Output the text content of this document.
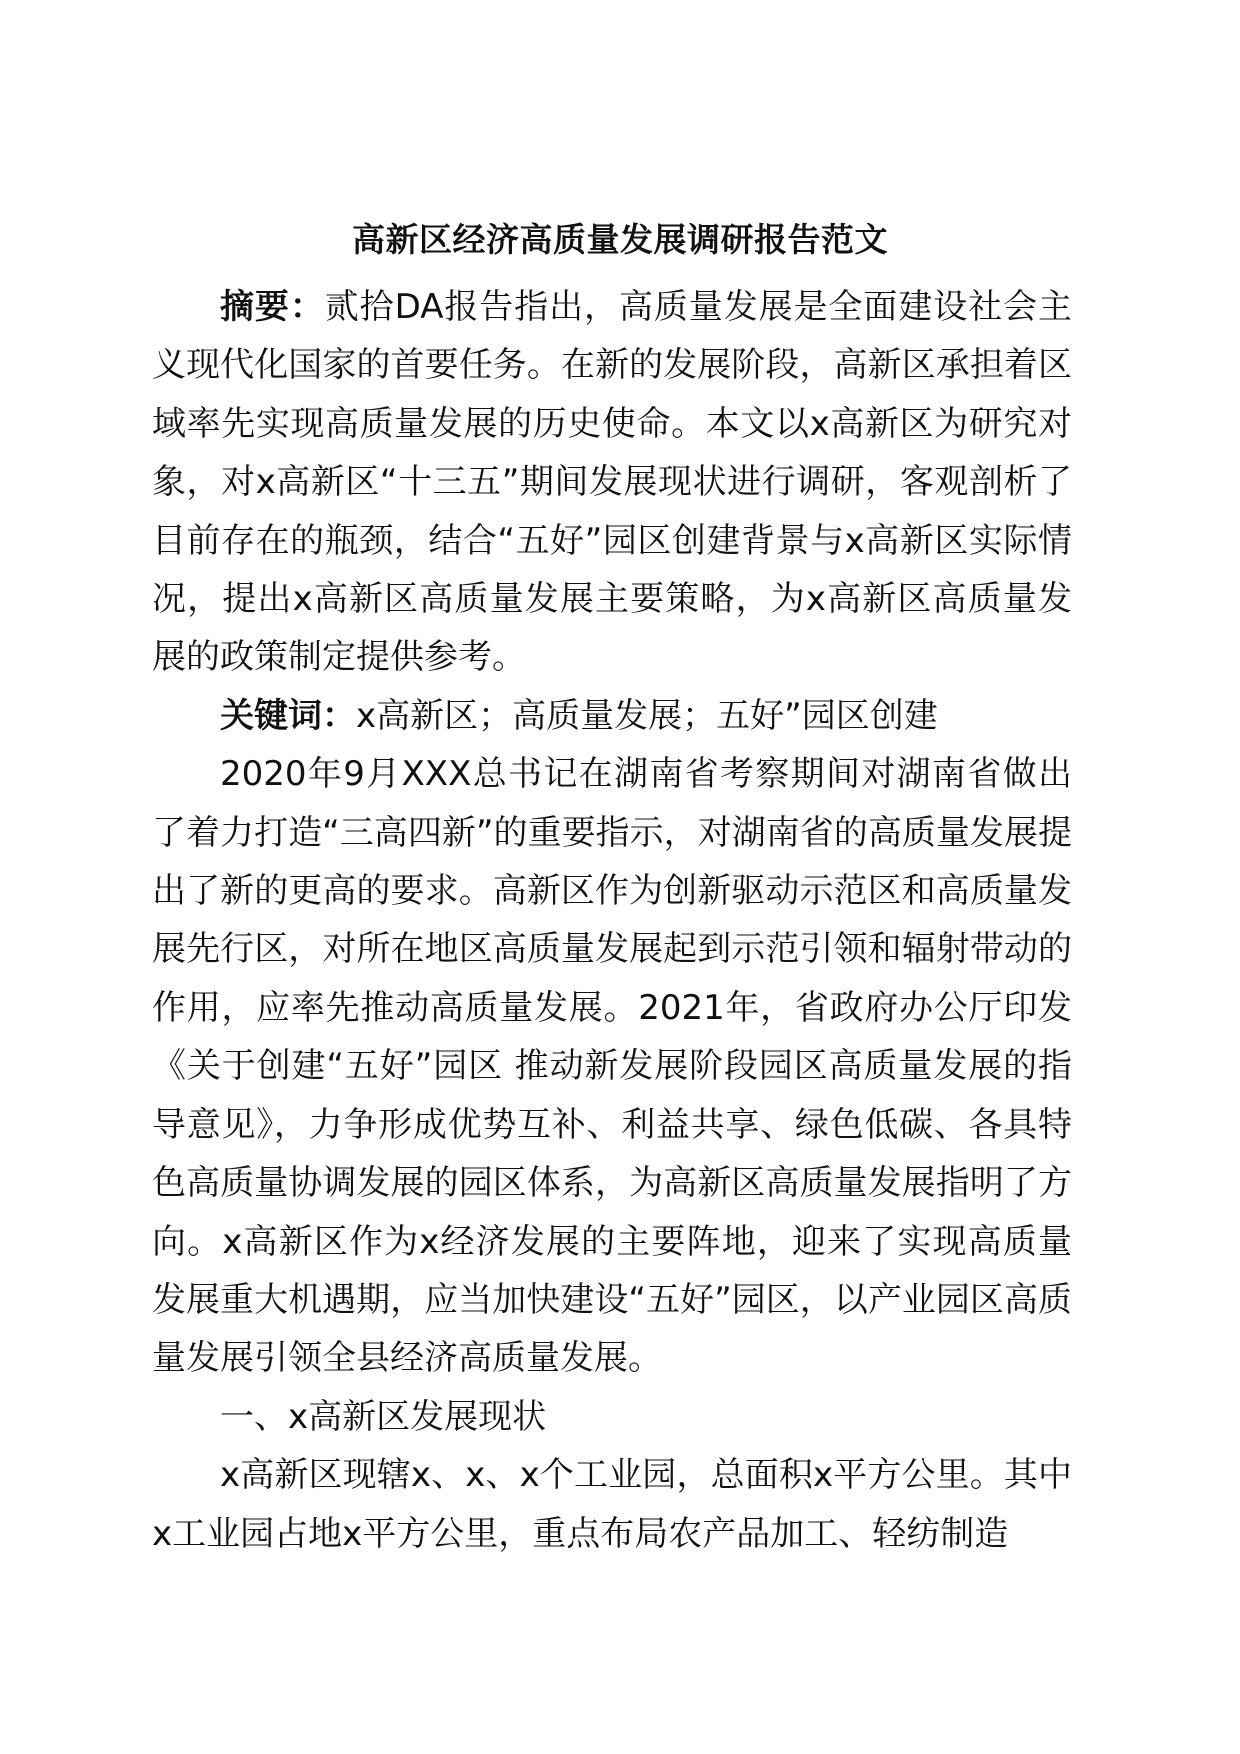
高新区经济高质量发展调研报告范文

摘要：贰拾DA报告指出，高质量发展是全面建设社会主义现代化国家的首要任务。在新的发展阶段，高新区承担着区域率先实现高质量发展的历史使命。本文以x高新区为研究对象，对x高新区“十三五”期间发展现状进行调研，客观剖析了目前存在的瓶颈，结合“五好”园区创建背景与x高新区实际情况，提出x高新区高质量发展主要策略，为x高新区高质量发展的政策制定提供参考。

关键词：x高新区；高质量发展；五好”园区创建

2020年9月XXX总书记在湖南省考察期间对湖南省做出了着力打造“三高四新”的重要指示，对湖南省的高质量发展提出了新的更高的要求。高新区作为创新驱动示范区和高质量发展先行区，对所在地区高质量发展起到示范引领和辐射带动的作用，应率先推动高质量发展。2021年，省政府办公厅印发《关于创建“五好”园区 推动新发展阶段园区高质量发展的指导意见》，力争形成优势互补、利益共享、绿色低碳、各具特色高质量协调发展的园区体系，为高新区高质量发展指明了方向。x高新区作为x经济发展的主要阵地，迎来了实现高质量发展重大机遇期，应当加快建设“五好”园区，以产业园区高质量发展引领全县经济高质量发展。

一、x高新区发展现状

x高新区现辖x、x、x个工业园，总面积x平方公里。其中x工业园占地x平方公里，重点布局农产品加工、轻纺制造
